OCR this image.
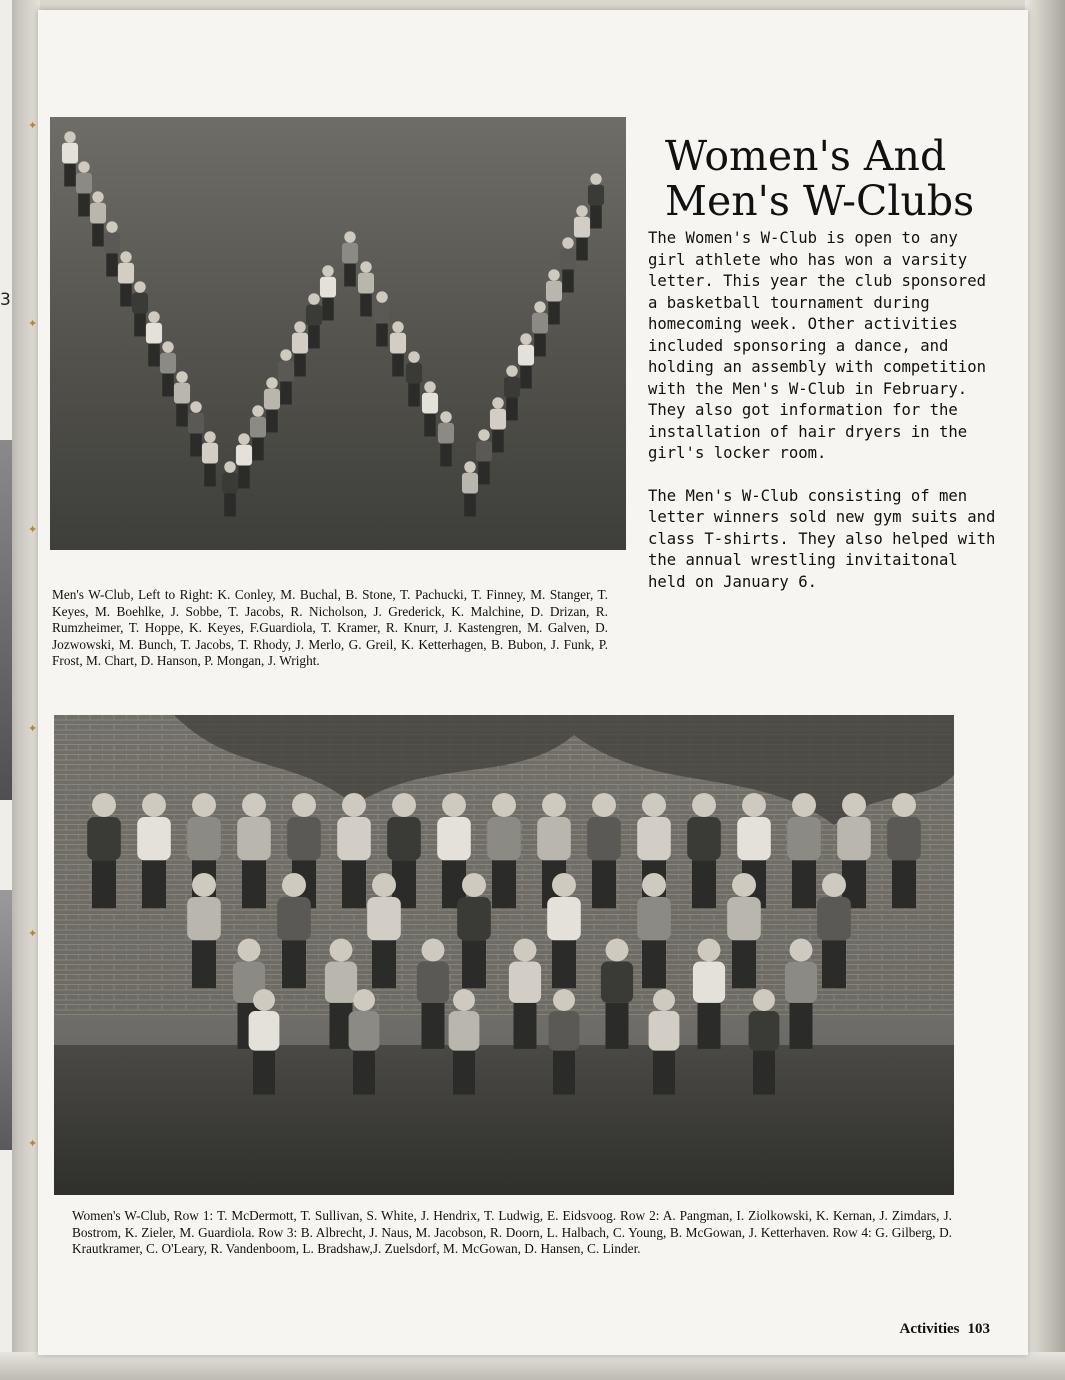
3
✦
✦
✦
✦
✦
✦
Women's And
Men's W-Clubs

The Women's W-Club is open to any girl athlete who has won a varsity letter. This year the club sponsored a basketball tournament during homecoming week. Other activities included sponsoring a dance, and holding an assembly with competition with the Men's W-Club in February. They also got information for the installation of hair dryers in the girl's locker room.

The Men's W-Club consisting of men letter winners sold new gym suits and class T-shirts. They also helped with the annual wrestling invitaitonal held on January 6.

Men's W-Club, Left to Right: K. Conley, M. Buchal, B. Stone, T. Pachucki, T. Finney, M. Stanger, T. Keyes, M. Boehlke, J. Sobbe, T. Jacobs, R. Nicholson, J. Grederick, K. Malchine, D. Drizan, R. Rumzheimer, T. Hoppe, K. Keyes, F.Guardiola, T. Kramer, R. Knurr, J. Kastengren, M. Galven, D. Jozwowski, M. Bunch, T. Jacobs, T. Rhody, J. Merlo, G. Greil, K. Ketterhagen, B. Bubon, J. Funk, P. Frost, M. Chart, D. Hanson, P. Mongan, J. Wright.

Women's W-Club, Row 1: T. McDermott, T. Sullivan, S. White, J. Hendrix, T. Ludwig, E. Eidsvoog. Row 2: A. Pangman, I. Ziolkowski, K. Kernan, J. Zimdars, J. Bostrom, K. Zieler, M. Guardiola. Row 3: B. Albrecht, J. Naus, M. Jacobson, R. Doorn, L. Halbach, C. Young, B. McGowan, J. Ketterhaven. Row 4: G. Gilberg, D. Krautkramer, C. O'Leary, R. Vandenboom, L. Bradshaw,J. Zuelsdorf, M. McGowan, D. Hansen, C. Linder.

Activities 103
